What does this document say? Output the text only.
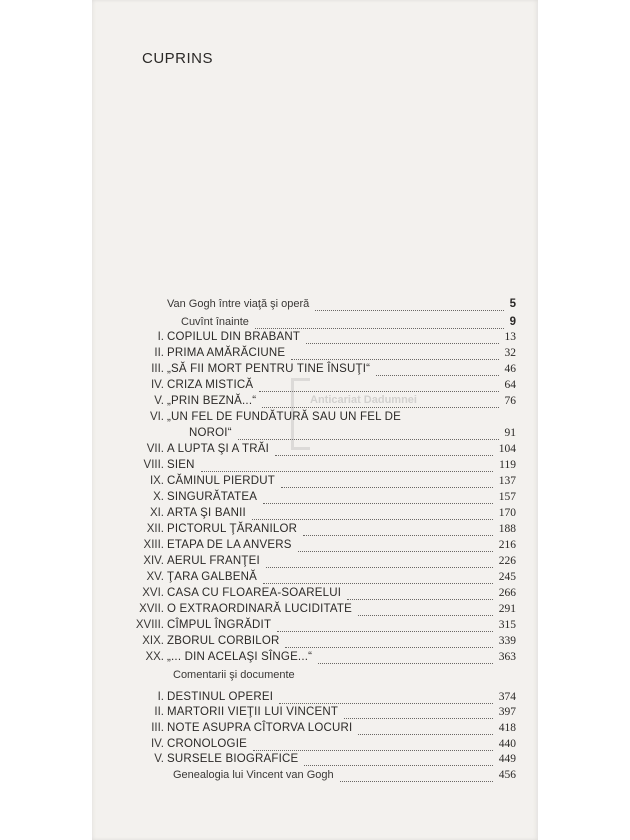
CUPRINS
Van Gogh între viaţă şi operă	5
Cuvînt înainte	9
I. COPILUL DIN BRABANT	13
II. PRIMA AMĂRĂCIUNE	32
III. „SĂ FII MORT PENTRU TINE ÎNSUŢI“	46
IV. CRIZA MISTICĂ	64
V. „PRIN BEZNĂ...“	76
VI. „UN FEL DE FUNDĂTURĂ SAU UN FEL DE
NOROI“	91
VII. A LUPTA ŞI A TRĂI	104
VIII. SIEN	119
IX. CĂMINUL PIERDUT	137
X. SINGURĂTATEA	157
XI. ARTA ŞI BANII	170
XII. PICTORUL ŢĂRANILOR	188
XIII. ETAPA DE LA ANVERS	216
XIV. AERUL FRANŢEI	226
XV. ŢARA GALBENĂ	245
XVI. CASA CU FLOAREA-SOARELUI	266
XVII. O EXTRAORDINARĂ LUCIDITATE	291
XVIII. CÎMPUL ÎNGRĂDIT	315
XIX. ZBORUL CORBILOR	339
XX. „... DIN ACELAŞI SÎNGE...“	363
Comentarii şi documente
I. DESTINUL OPEREI	374
II. MARTORII VIEŢII LUI VINCENT	397
III. NOTE ASUPRA CÎTORVA LOCURI	418
IV. CRONOLOGIE	440
V. SURSELE BIOGRAFICE	449
Genealogia lui Vincent van Gogh	456
Anticariat Dadumnei
